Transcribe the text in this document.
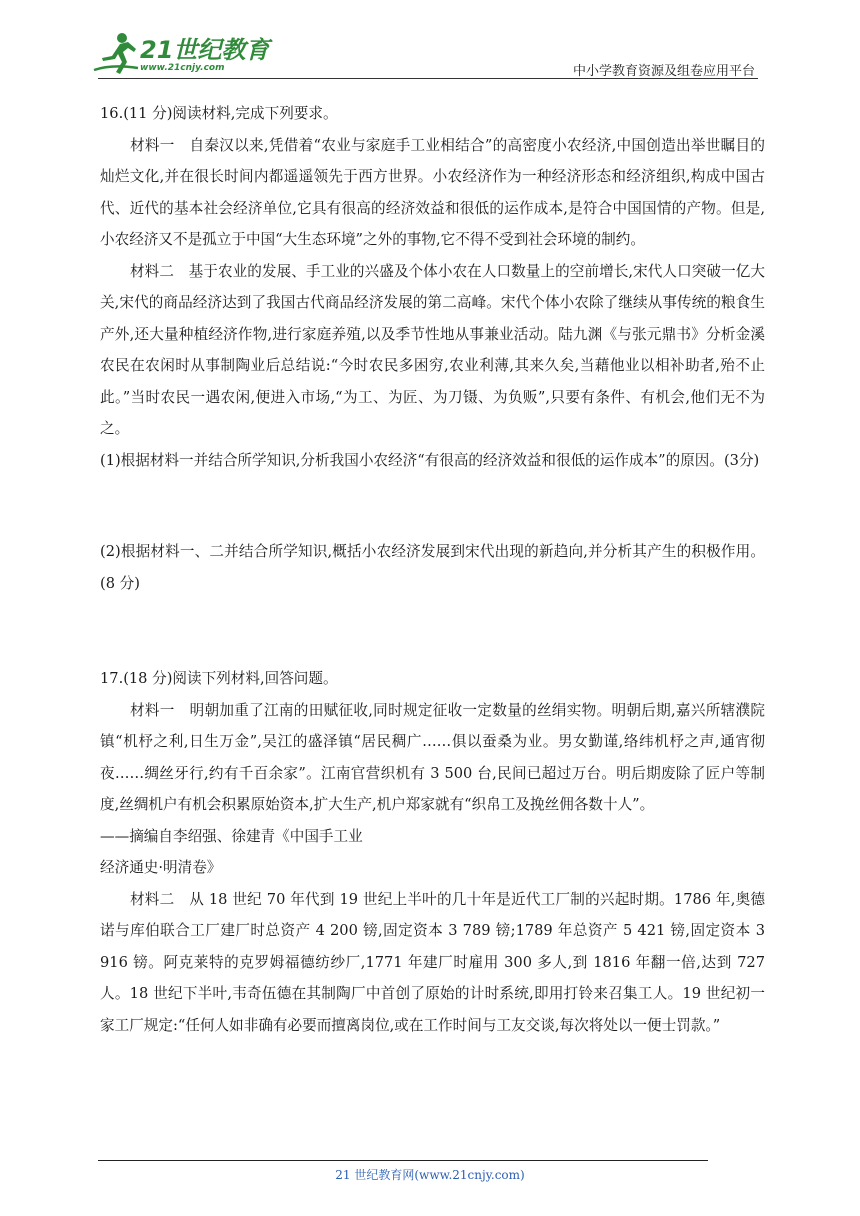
21世纪教育
www.21cnjy.com	中小学教育资源及组卷应用平台

16.(11 分)阅读材料,完成下列要求。

材料一　自秦汉以来,凭借着“农业与家庭手工业相结合”的高密度小农经济,中国创造出举世瞩目的灿烂文化,并在很长时间内都遥遥领先于西方世界。小农经济作为一种经济形态和经济组织,构成中国古代、近代的基本社会经济单位,它具有很高的经济效益和很低的运作成本,是符合中国国情的产物。但是,小农经济又不是孤立于中国“大生态环境”之外的事物,它不得不受到社会环境的制约。

材料二　基于农业的发展、手工业的兴盛及个体小农在人口数量上的空前增长,宋代人口突破一亿大关,宋代的商品经济达到了我国古代商品经济发展的第二高峰。宋代个体小农除了继续从事传统的粮食生产外,还大量种植经济作物,进行家庭养殖,以及季节性地从事兼业活动。陆九渊《与张元鼎书》分析金溪农民在农闲时从事制陶业后总结说:“今时农民多困穷,农业利薄,其来久矣,当藉他业以相补助者,殆不止此。”当时农民一遇农闲,便进入市场,“为工、为匠、为刀镊、为负贩”,只要有条件、有机会,他们无不为之。

(1)根据材料一并结合所学知识,分析我国小农经济“有很高的经济效益和很低的运作成本”的原因。(3分)

(2)根据材料一、二并结合所学知识,概括小农经济发展到宋代出现的新趋向,并分析其产生的积极作用。(8 分)

17.(18 分)阅读下列材料,回答问题。

材料一　明朝加重了江南的田赋征收,同时规定征收一定数量的丝绢实物。明朝后期,嘉兴所辖濮院镇“机杼之利,日生万金”,吴江的盛泽镇“居民稠广……俱以蚕桑为业。男女勤谨,络纬机杼之声,通宵彻夜……绸丝牙行,约有千百余家”。江南官营织机有 3 500 台,民间已超过万台。明后期废除了匠户等制度,丝绸机户有机会积累原始资本,扩大生产,机户郑家就有“织帛工及挽丝佣各数十人”。

——摘编自李绍强、徐建青《中国手工业

经济通史·明清卷》

材料二　从 18 世纪 70 年代到 19 世纪上半叶的几十年是近代工厂制的兴起时期。1786 年,奥德诺与库伯联合工厂建厂时总资产 4 200 镑,固定资本 3 789 镑;1789 年总资产 5 421 镑,固定资本 3 916 镑。阿克莱特的克罗姆福德纺纱厂,1771 年建厂时雇用 300 多人,到 1816 年翻一倍,达到 727 人。18 世纪下半叶,韦奇伍德在其制陶厂中首创了原始的计时系统,即用打铃来召集工人。19 世纪初一家工厂规定:“任何人如非确有必要而擅离岗位,或在工作时间与工友交谈,每次将处以一便士罚款。”

21 世纪教育网(www.21cnjy.com)
